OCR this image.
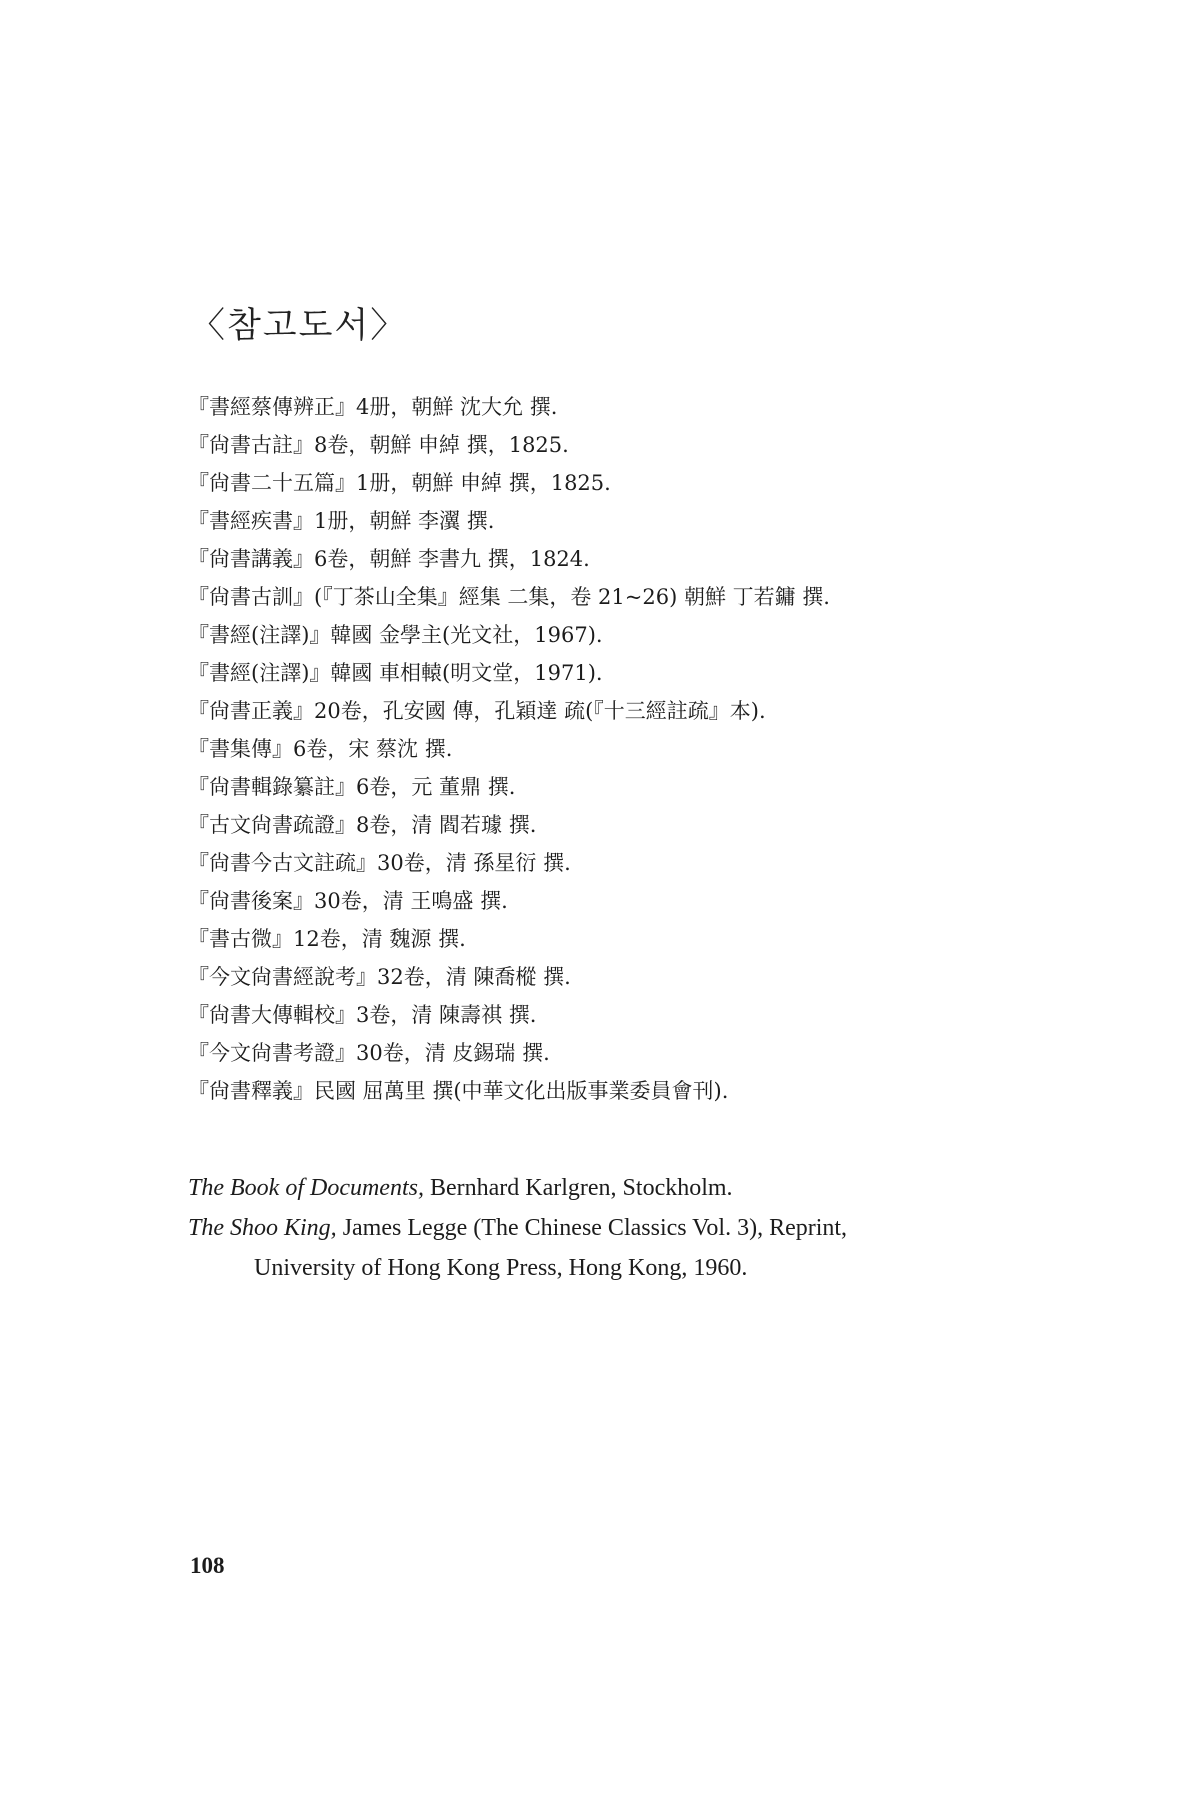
〈참고도서〉
『書經蔡傳辨正』4册，朝鮮 沈大允 撰.
『尙書古註』8卷，朝鮮 申綽 撰，1825.
『尙書二十五篇』1册，朝鮮 申綽 撰，1825.
『書經疾書』1册，朝鮮 李瀷 撰.
『尙書講義』6卷，朝鮮 李書九 撰，1824.
『尙書古訓』(『丁茶山全集』經集 二集，卷 21~26) 朝鮮 丁若鏞 撰.
『書經(注譯)』韓國 金學主(光文社，1967).
『書經(注譯)』韓國 車相轅(明文堂，1971).
『尙書正義』20卷，孔安國 傳，孔穎達 疏(『十三經註疏』本).
『書集傳』6卷，宋 蔡沈 撰.
『尙書輯錄纂註』6卷，元 董鼎 撰.
『古文尙書疏證』8卷，清 閻若璩 撰.
『尙書今古文註疏』30卷，清 孫星衍 撰.
『尙書後案』30卷，清 王鳴盛 撰.
『書古微』12卷，清 魏源 撰.
『今文尙書經說考』32卷，清 陳喬樅 撰.
『尙書大傳輯校』3卷，清 陳壽祺 撰.
『今文尙書考證』30卷，清 皮錫瑞 撰.
『尙書釋義』民國 屈萬里 撰(中華文化出版事業委員會刊).
The Book of Documents, Bernhard Karlgren, Stockholm.
The Shoo King, James Legge (The Chinese Classics Vol. 3), Reprint,
University of Hong Kong Press, Hong Kong, 1960.
108
